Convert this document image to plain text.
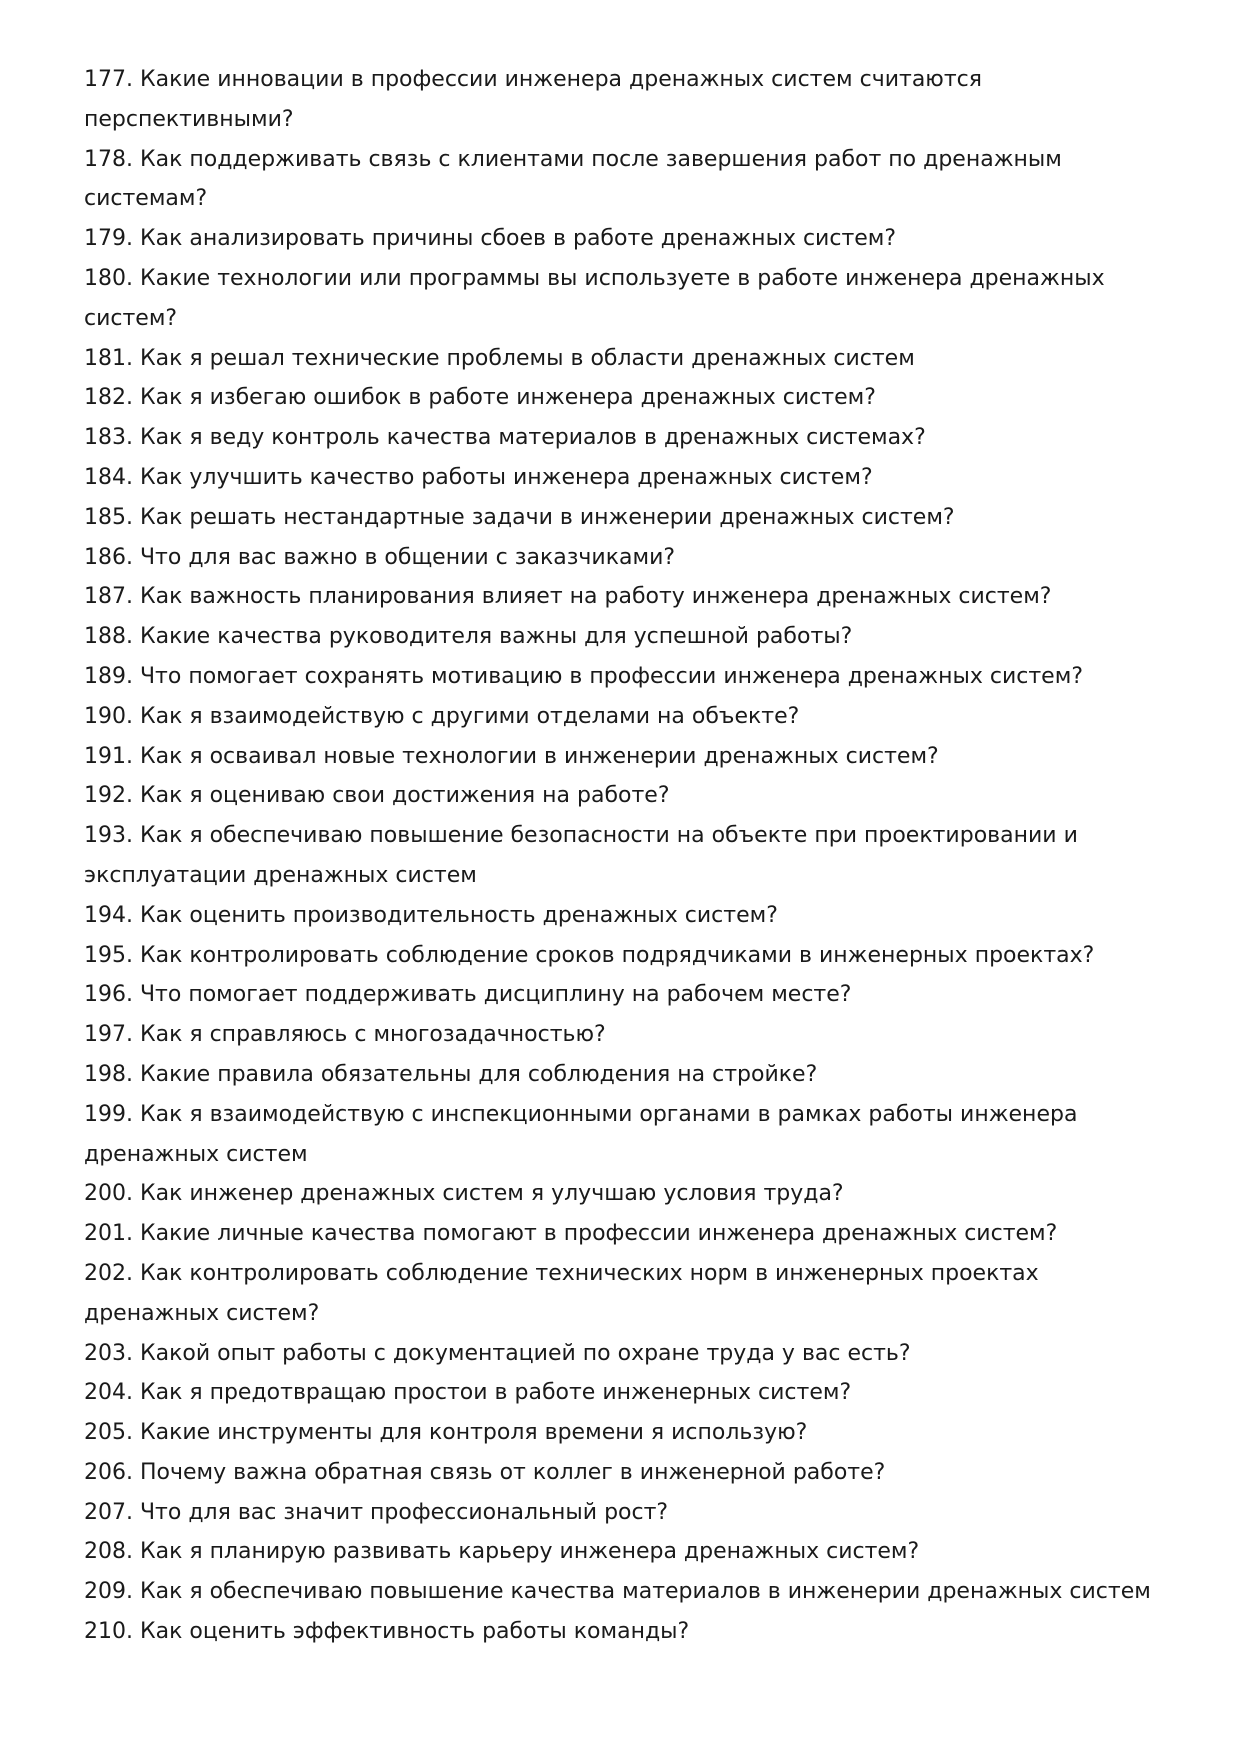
177. Какие инновации в профессии инженера дренажных систем считаются перспективными?

178. Как поддерживать связь с клиентами после завершения работ по дренажным системам?

179. Как анализировать причины сбоев в работе дренажных систем?

180. Какие технологии или программы вы используете в работе инженера дренажных систем?

181. Как я решал технические проблемы в области дренажных систем

182. Как я избегаю ошибок в работе инженера дренажных систем?

183. Как я веду контроль качества материалов в дренажных системах?

184. Как улучшить качество работы инженера дренажных систем?

185. Как решать нестандартные задачи в инженерии дренажных систем?

186. Что для вас важно в общении с заказчиками?

187. Как важность планирования влияет на работу инженера дренажных систем?

188. Какие качества руководителя важны для успешной работы?

189. Что помогает сохранять мотивацию в профессии инженера дренажных систем?

190. Как я взаимодействую с другими отделами на объекте?

191. Как я осваивал новые технологии в инженерии дренажных систем?

192. Как я оцениваю свои достижения на работе?

193. Как я обеспечиваю повышение безопасности на объекте при проектировании и эксплуатации дренажных систем

194. Как оценить производительность дренажных систем?

195. Как контролировать соблюдение сроков подрядчиками в инженерных проектах?

196. Что помогает поддерживать дисциплину на рабочем месте?

197. Как я справляюсь с многозадачностью?

198. Какие правила обязательны для соблюдения на стройке?

199. Как я взаимодействую с инспекционными органами в рамках работы инженера дренажных систем

200. Как инженер дренажных систем я улучшаю условия труда?

201. Какие личные качества помогают в профессии инженера дренажных систем?

202. Как контролировать соблюдение технических норм в инженерных проектах дренажных систем?

203. Какой опыт работы с документацией по охране труда у вас есть?

204. Как я предотвращаю простои в работе инженерных систем?

205. Какие инструменты для контроля времени я использую?

206. Почему важна обратная связь от коллег в инженерной работе?

207. Что для вас значит профессиональный рост?

208. Как я планирую развивать карьеру инженера дренажных систем?

209. Как я обеспечиваю повышение качества материалов в инженерии дренажных систем

210. Как оценить эффективность работы команды?
